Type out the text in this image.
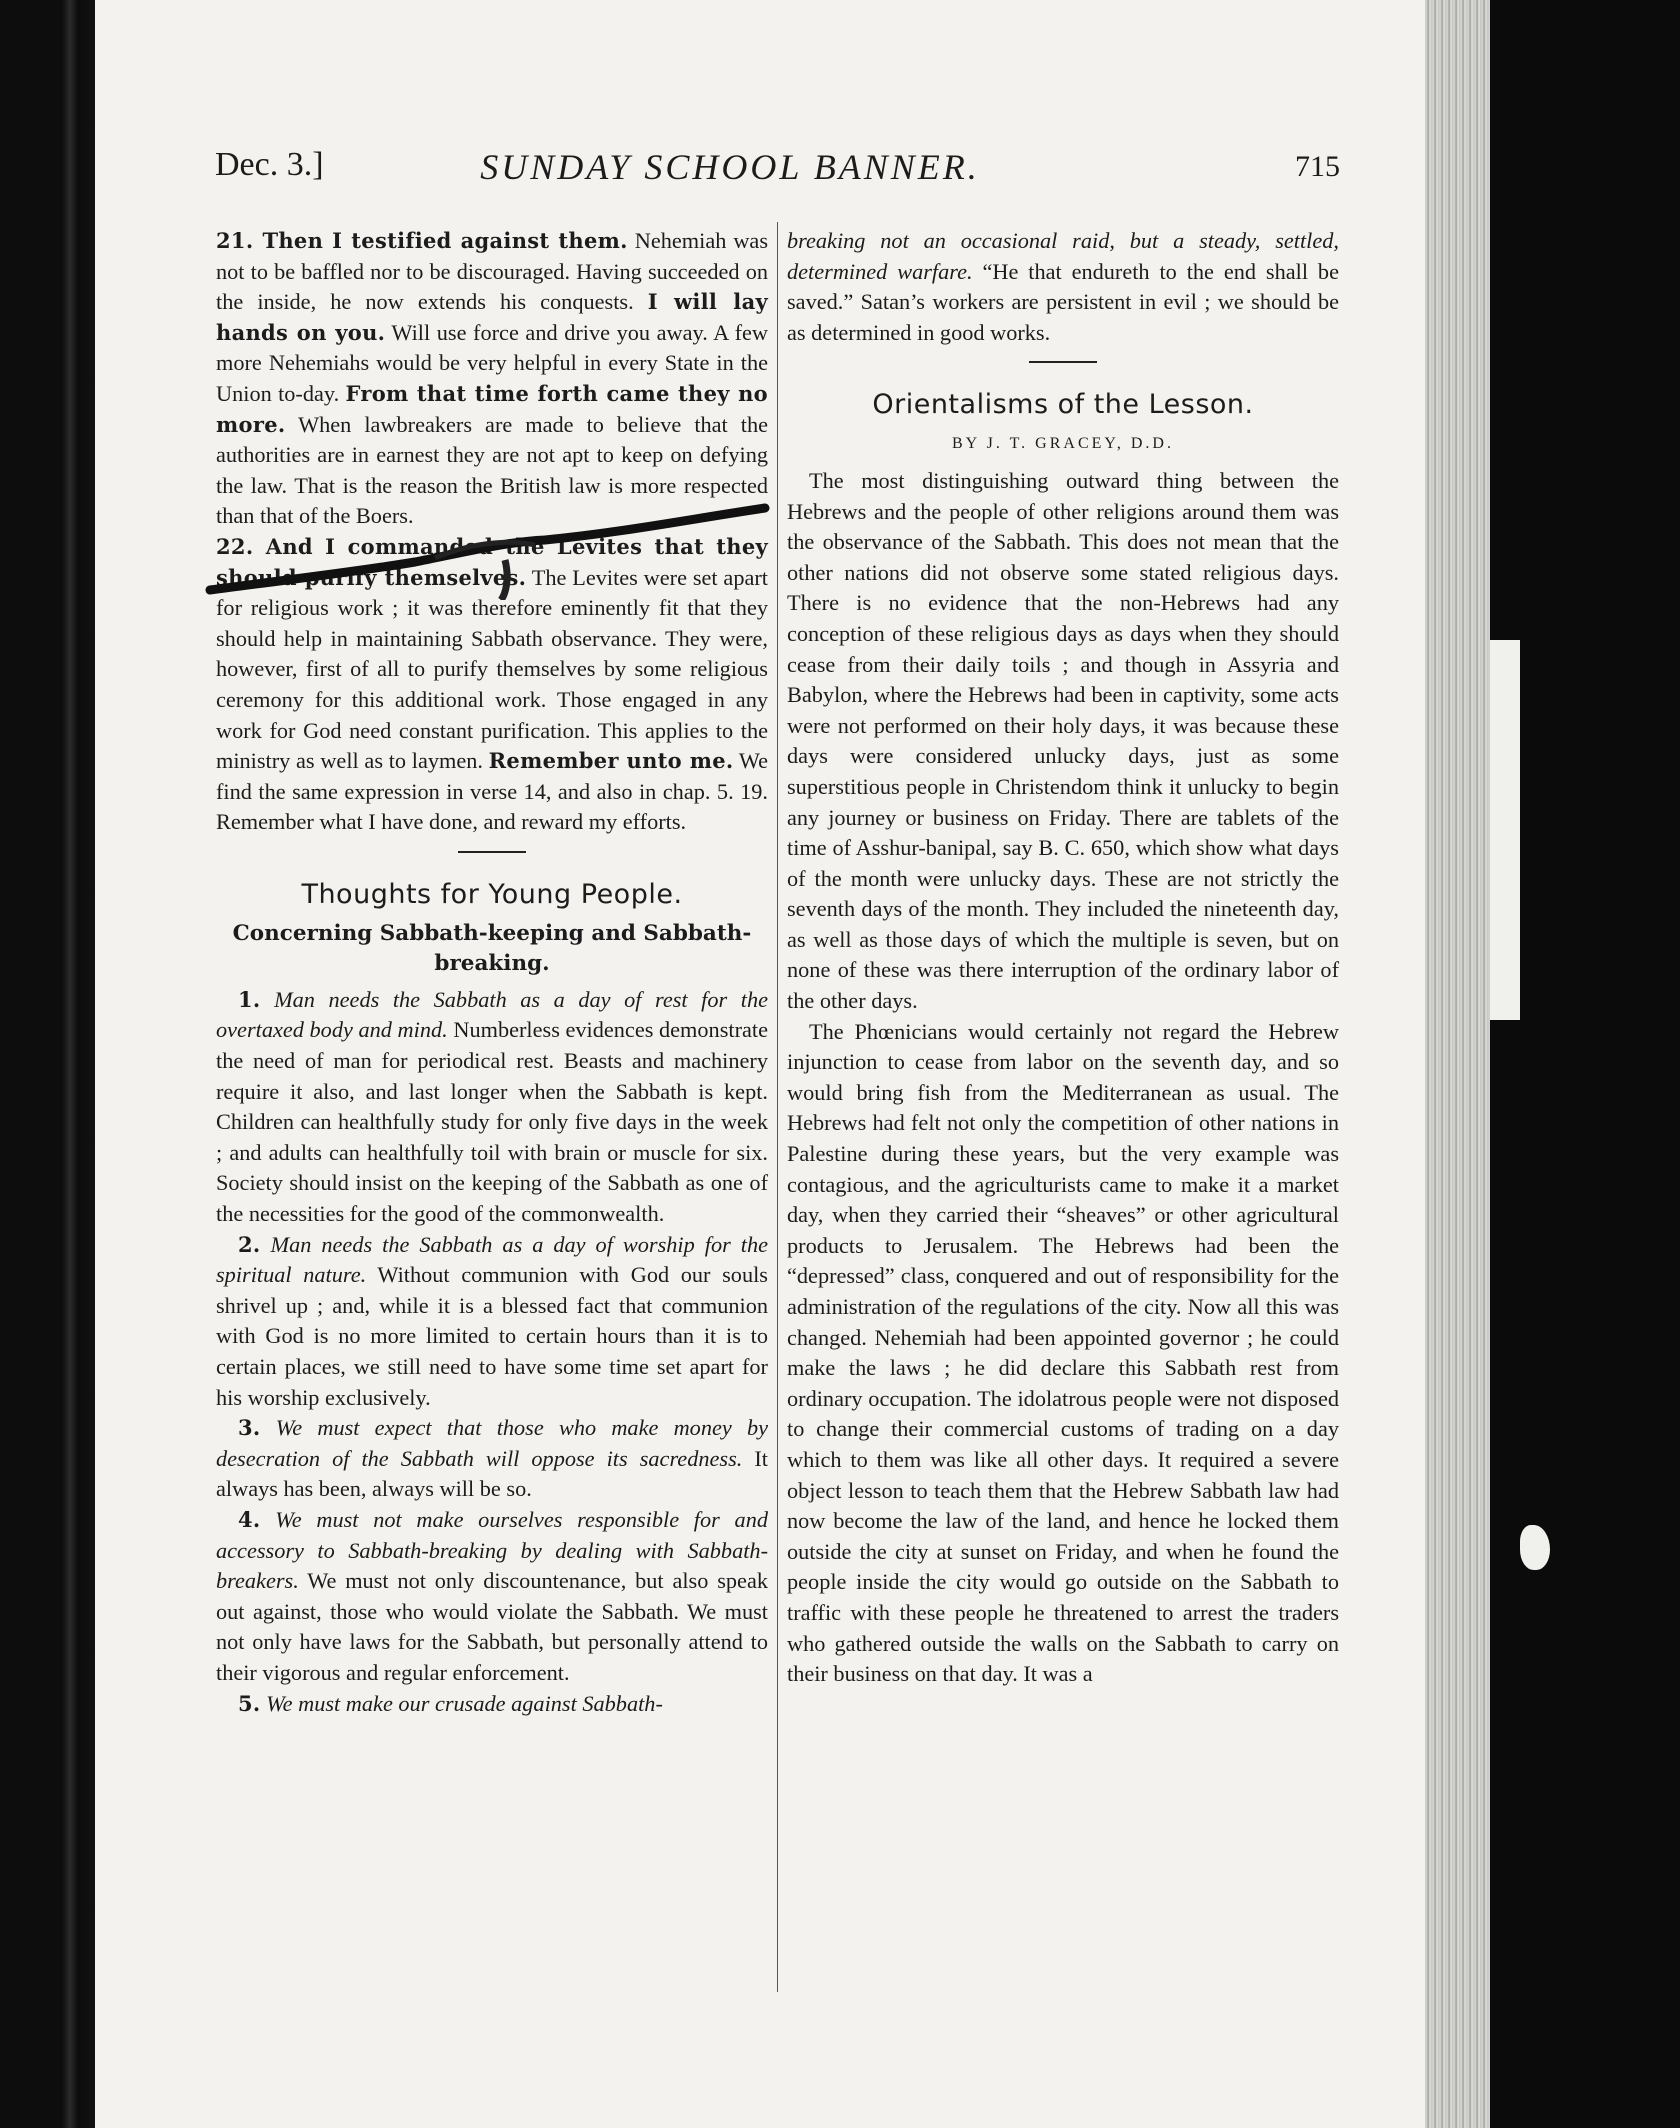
Dec. 3.]	SUNDAY SCHOOL BANNER.	715

21. Then I testified against them. Nehemiah was not to be baffled nor to be discouraged. Having succeeded on the inside, he now extends his conquests. I will lay hands on you. Will use force and drive you away. A few more Nehemiahs would be very helpful in every State in the Union to-day. From that time forth came they no more. When lawbreakers are made to believe that the authorities are in earnest they are not apt to keep on defying the law. That is the reason the British law is more respected than that of the Boers.

22. And I commanded the Levites that they should purify themselves. The Levites were set apart for religious work ; it was therefore eminently fit that they should help in maintaining Sabbath observance. They were, however, first of all to purify themselves by some religious ceremony for this additional work. Those engaged in any work for God need constant purification. This applies to the ministry as well as to laymen. Remember unto me. We find the same expression in verse 14, and also in chap. 5. 19. Remember what I have done, and reward my efforts.

Thoughts for Young People.
Concerning Sabbath-keeping and Sabbath-breaking.

1. Man needs the Sabbath as a day of rest for the overtaxed body and mind. Numberless evidences demonstrate the need of man for periodical rest. Beasts and machinery require it also, and last longer when the Sabbath is kept. Children can healthfully study for only five days in the week ; and adults can healthfully toil with brain or muscle for six. Society should insist on the keeping of the Sabbath as one of the necessities for the good of the commonwealth.

2. Man needs the Sabbath as a day of worship for the spiritual nature. Without communion with God our souls shrivel up ; and, while it is a blessed fact that communion with God is no more limited to certain hours than it is to certain places, we still need to have some time set apart for his worship exclusively.

3. We must expect that those who make money by desecration of the Sabbath will oppose its sacredness. It always has been, always will be so.

4. We must not make ourselves responsible for and accessory to Sabbath-breaking by dealing with Sabbath-breakers. We must not only discountenance, but also speak out against, those who would violate the Sabbath. We must not only have laws for the Sabbath, but personally attend to their vigorous and regular enforcement.

5. We must make our crusade against Sabbath-

breaking not an occasional raid, but a steady, settled, determined warfare. “He that endureth to the end shall be saved.” Satan’s workers are persistent in evil ; we should be as determined in good works.

Orientalisms of the Lesson.
BY J. T. GRACEY, D.D.

The most distinguishing outward thing between the Hebrews and the people of other religions around them was the observance of the Sabbath. This does not mean that the other nations did not observe some stated religious days. There is no evidence that the non-Hebrews had any conception of these religious days as days when they should cease from their daily toils ; and though in Assyria and Babylon, where the Hebrews had been in captivity, some acts were not performed on their holy days, it was because these days were considered unlucky days, just as some superstitious people in Christendom think it unlucky to begin any journey or business on Friday. There are tablets of the time of Asshur-banipal, say B. C. 650, which show what days of the month were unlucky days. These are not strictly the seventh days of the month. They included the nineteenth day, as well as those days of which the multiple is seven, but on none of these was there interruption of the ordinary labor of the other days.

The Phœnicians would certainly not regard the Hebrew injunction to cease from labor on the seventh day, and so would bring fish from the Mediterranean as usual. The Hebrews had felt not only the competition of other nations in Palestine during these years, but the very example was contagious, and the agriculturists came to make it a market day, when they carried their “sheaves” or other agricultural products to Jerusalem. The Hebrews had been the “depressed” class, conquered and out of responsibility for the administration of the regulations of the city. Now all this was changed. Nehemiah had been appointed governor ; he could make the laws ; he did declare this Sabbath rest from ordinary occupation. The idolatrous people were not disposed to change their commercial customs of trading on a day which to them was like all other days. It required a severe object lesson to teach them that the Hebrew Sabbath law had now become the law of the land, and hence he locked them outside the city at sunset on Friday, and when he found the people inside the city would go outside on the Sabbath to traffic with these people he threatened to arrest the traders who gathered outside the walls on the Sabbath to carry on their business on that day. It was a
